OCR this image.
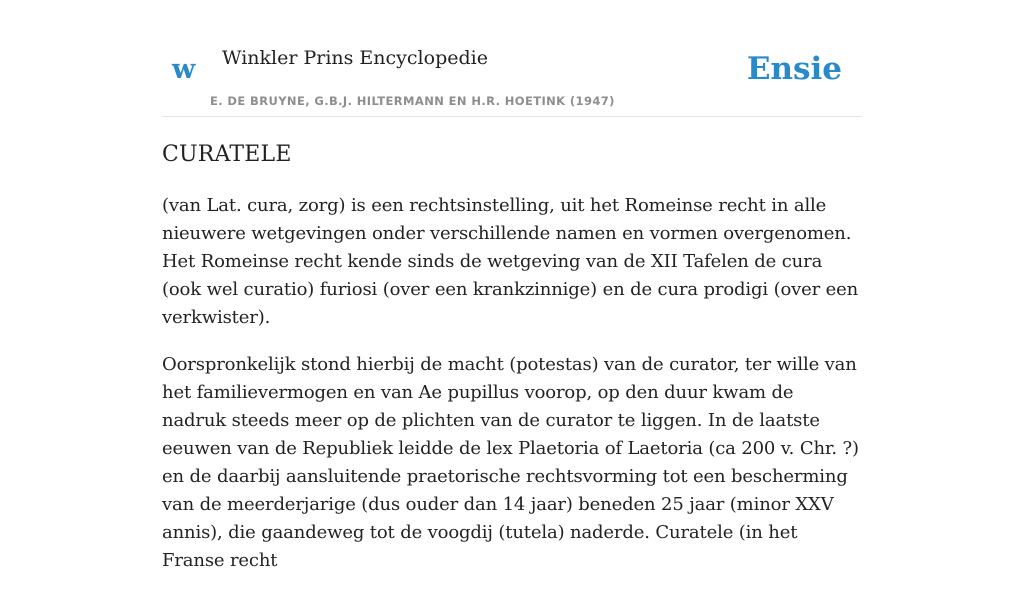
w Winkler Prins Encyclopedie
E. DE BRUYNE, G.B.J. HILTERMANN EN H.R. HOETINK (1947)
Ensie
CURATELE

(van Lat. cura, zorg) is een rechtsinstelling, uit het Romeinse recht in alle nieuwere wetgevingen onder verschillende namen en vormen overgenomen. Het Romeinse recht kende sinds de wetgeving van de XII Tafelen de cura (ook wel curatio) furiosi (over een krankzinnige) en de cura prodigi (over een verkwister).

Oorspronkelijk stond hierbij de macht (potestas) van de curator, ter wille van het familievermogen en van Ae pupillus voorop, op den duur kwam de nadruk steeds meer op de plichten van de curator te liggen. In de laatste eeuwen van de Republiek leidde de lex Plaetoria of Laetoria (ca 200 v. Chr. ?) en de daarbij aansluitende praetorische rechtsvorming tot een bescherming van de meerderjarige (dus ouder dan 14 jaar) beneden 25 jaar (minor XXV annis), die gaandeweg tot de voogdij (tutela) naderde. Curatele (in het Franse recht
